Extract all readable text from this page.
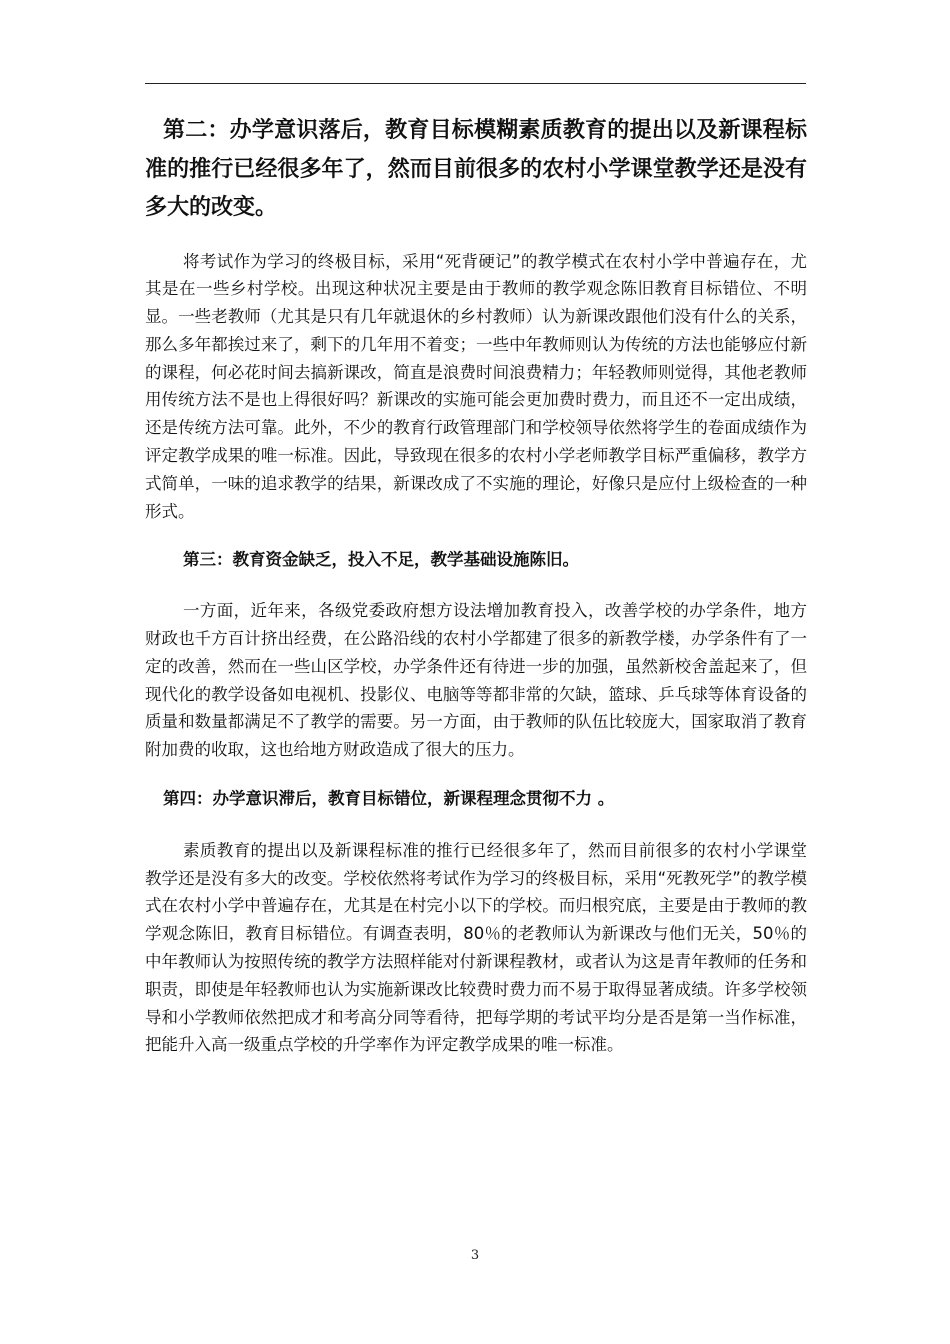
第二：办学意识落后，教育目标模糊素质教育的提出以及新课程标准的推行已经很多年了，然而目前很多的农村小学课堂教学还是没有多大的改变。

将考试作为学习的终极目标，采用“死背硬记”的教学模式在农村小学中普遍存在，尤其是在一些乡村学校。出现这种状况主要是由于教师的教学观念陈旧教育目标错位、不明显。一些老教师（尤其是只有几年就退休的乡村教师）认为新课改跟他们没有什么的关系，那么多年都挨过来了，剩下的几年用不着变；一些中年教师则认为传统的方法也能够应付新的课程，何必花时间去搞新课改，简直是浪费时间浪费精力；年轻教师则觉得，其他老教师用传统方法不是也上得很好吗？新课改的实施可能会更加费时费力，而且还不一定出成绩，还是传统方法可靠。此外，不少的教育行政管理部门和学校领导依然将学生的卷面成绩作为评定教学成果的唯一标准。因此，导致现在很多的农村小学老师教学目标严重偏移，教学方式简单，一味的追求教学的结果，新课改成了不实施的理论，好像只是应付上级检查的一种形式。

第三：教育资金缺乏，投入不足，教学基础设施陈旧。

一方面，近年来，各级党委政府想方设法增加教育投入，改善学校的办学条件，地方财政也千方百计挤出经费，在公路沿线的农村小学都建了很多的新教学楼，办学条件有了一定的改善，然而在一些山区学校，办学条件还有待进一步的加强，虽然新校舍盖起来了，但现代化的教学设备如电视机、投影仪、电脑等等都非常的欠缺，篮球、乒乓球等体育设备的质量和数量都满足不了教学的需要。另一方面，由于教师的队伍比较庞大，国家取消了教育附加费的收取，这也给地方财政造成了很大的压力。

第四：办学意识滞后，教育目标错位，新课程理念贯彻不力 。

素质教育的提出以及新课程标准的推行已经很多年了，然而目前很多的农村小学课堂教学还是没有多大的改变。学校依然将考试作为学习的终极目标，采用“死教死学”的教学模式在农村小学中普遍存在，尤其是在村完小以下的学校。而归根究底，主要是由于教师的教学观念陈旧，教育目标错位。有调查表明，80％的老教师认为新课改与他们无关，50％的中年教师认为按照传统的教学方法照样能对付新课程教材，或者认为这是青年教师的任务和职责，即使是年轻教师也认为实施新课改比较费时费力而不易于取得显著成绩。许多学校领导和小学教师依然把成才和考高分同等看待，把每学期的考试平均分是否是第一当作标准，把能升入高一级重点学校的升学率作为评定教学成果的唯一标准。

3
